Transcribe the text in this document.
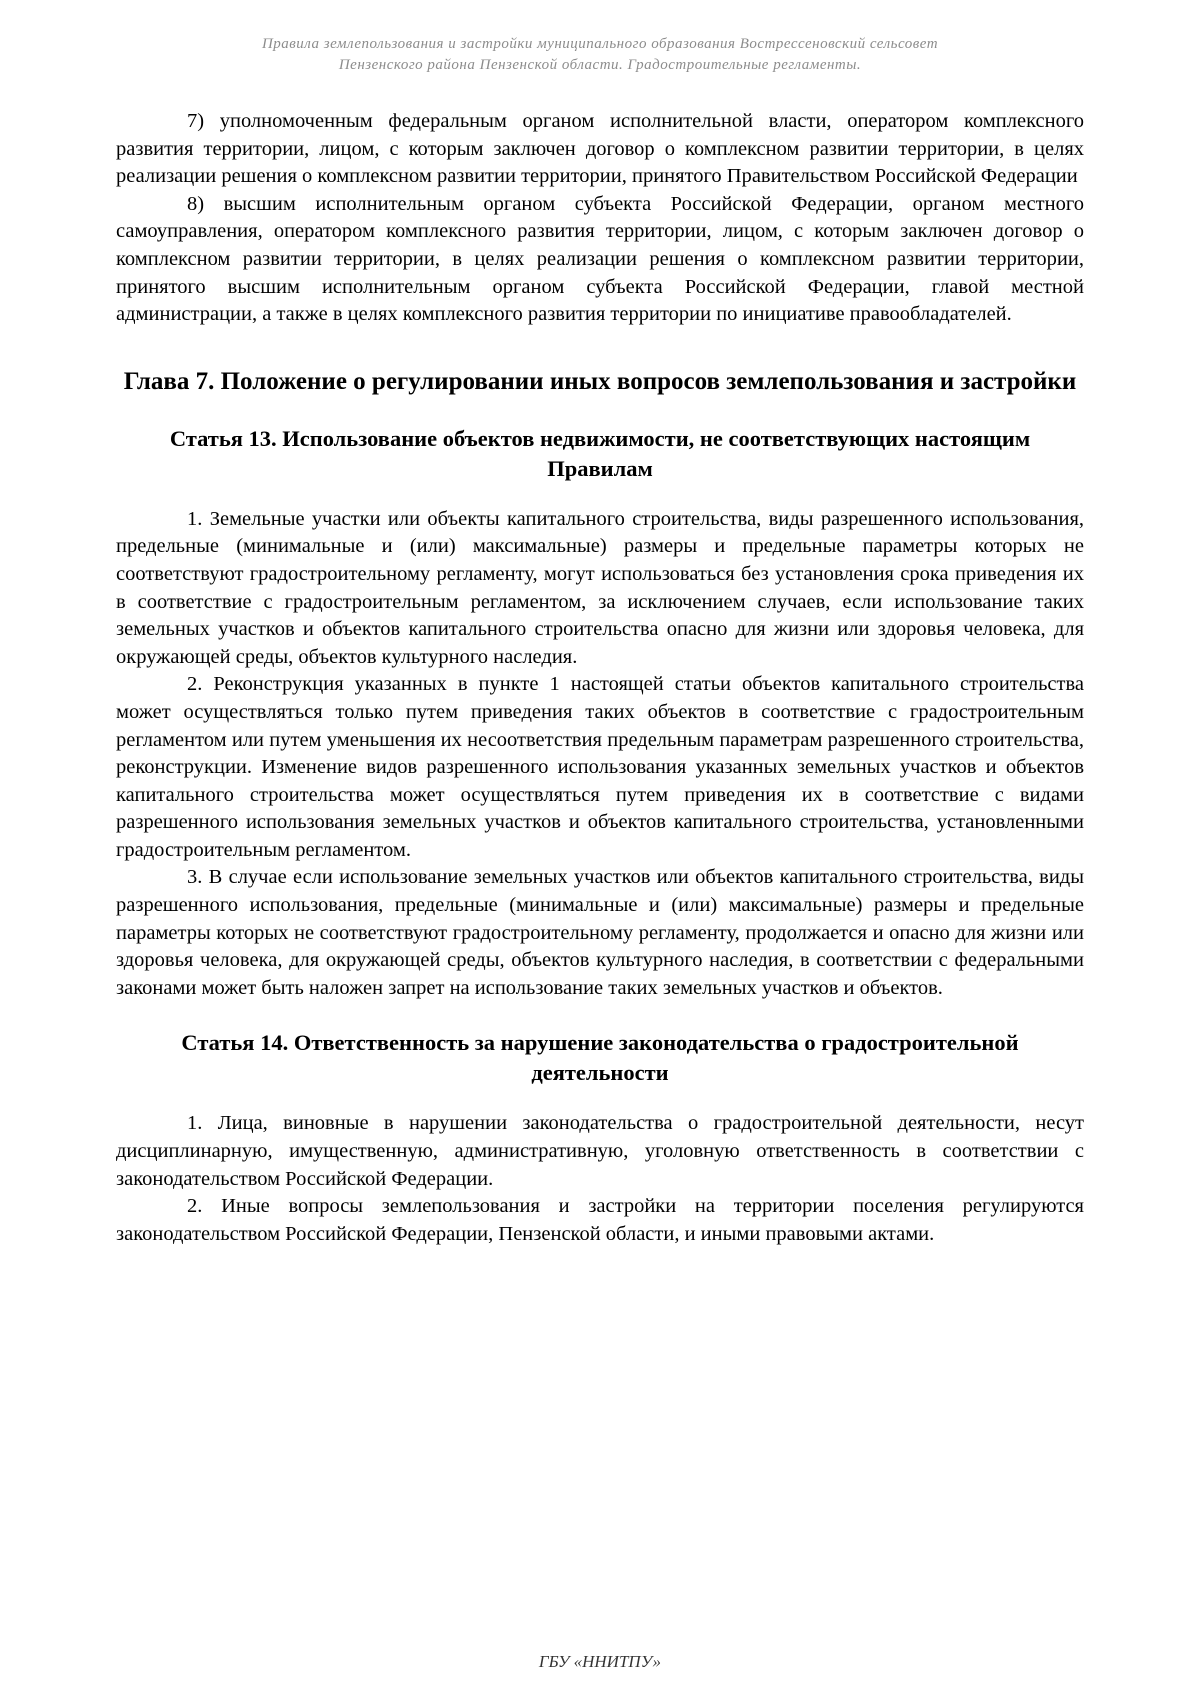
Правила землепользования и застройки муниципального образования Вострессеновский сельсовет
Пензенского района Пензенской области. Градостроительные регламенты.

7) уполномоченным федеральным органом исполнительной власти, оператором комплексного развития территории, лицом, с которым заключен договор о комплексном развитии территории, в целях реализации решения о комплексном развитии территории, принятого Правительством Российской Федерации

8) высшим исполнительным органом субъекта Российской Федерации, органом местного самоуправления, оператором комплексного развития территории, лицом, с которым заключен договор о комплексном развитии территории, в целях реализации решения о комплексном развитии территории, принятого высшим исполнительным органом субъекта Российской Федерации, главой местной администрации, а также в целях комплексного развития территории по инициативе правообладателей.

Глава 7. Положение о регулировании иных вопросов землепользования и застройки
Статья 13. Использование объектов недвижимости, не соответствующих настоящим Правилам

1. Земельные участки или объекты капитального строительства, виды разрешенного использования, предельные (минимальные и (или) максимальные) размеры и предельные параметры которых не соответствуют градостроительному регламенту, могут использоваться без установления срока приведения их в соответствие с градостроительным регламентом, за исключением случаев, если использование таких земельных участков и объектов капитального строительства опасно для жизни или здоровья человека, для окружающей среды, объектов культурного наследия.

2. Реконструкция указанных в пункте 1 настоящей статьи объектов капитального строительства может осуществляться только путем приведения таких объектов в соответствие с градостроительным регламентом или путем уменьшения их несоответствия предельным параметрам разрешенного строительства, реконструкции. Изменение видов разрешенного использования указанных земельных участков и объектов капитального строительства может осуществляться путем приведения их в соответствие с видами разрешенного использования земельных участков и объектов капитального строительства, установленными градостроительным регламентом.

3. В случае если использование земельных участков или объектов капитального строительства, виды разрешенного использования, предельные (минимальные и (или) максимальные) размеры и предельные параметры которых не соответствуют градостроительному регламенту, продолжается и опасно для жизни или здоровья человека, для окружающей среды, объектов культурного наследия, в соответствии с федеральными законами может быть наложен запрет на использование таких земельных участков и объектов.

Статья 14. Ответственность за нарушение законодательства о градостроительной деятельности

1. Лица, виновные в нарушении законодательства о градостроительной деятельности, несут дисциплинарную, имущественную, административную, уголовную ответственность в соответствии с законодательством Российской Федерации.

2. Иные вопросы землепользования и застройки на территории поселения регулируются законодательством Российской Федерации, Пензенской области, и иными правовыми актами.

ГБУ «ННИТПУ»
